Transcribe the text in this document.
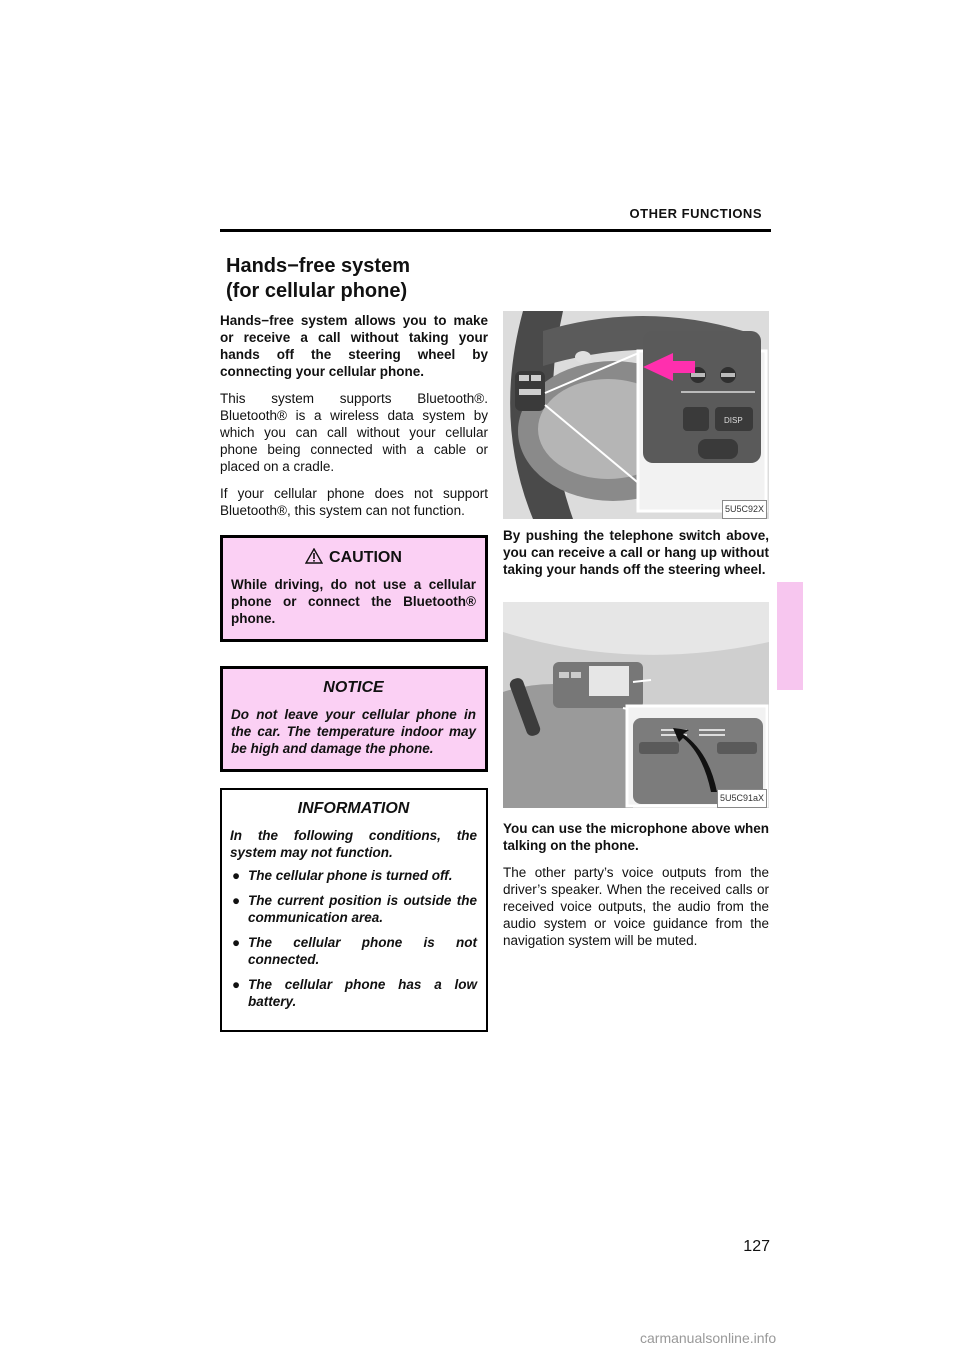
OTHER FUNCTIONS
Hands−free system
(for cellular phone)

Hands−free system allows you to make or receive a call without taking your hands off the steering wheel by connecting your cellular phone.

This system supports Bluetooth®. Bluetooth® is a wireless data system by which you can call without your cellular phone being connected with a cable or placed on a cradle.

If your cellular phone does not support Bluetooth®, this system can not function.

CAUTION
While driving, do not use a cellular phone or connect the Bluetooth® phone.
NOTICE
Do not leave your cellular phone in the car. The temperature indoor may be high and damage the phone.
INFORMATION
In the following conditions, the system may not function.
● The cellular phone is turned off.
● The current position is outside the communication area.
● The cellular phone is not connected.
● The cellular phone has a low battery.
DISP
5U5C92X

By pushing the telephone switch above, you can receive a call or hang up without taking your hands off the steering wheel.

5U5C91aX

You can use the microphone above when talking on the phone.

The other party’s voice outputs from the driver’s speaker. When the received calls or received voice outputs, the audio from the audio system or voice guidance from the navigation system will be muted.

127
carmanualsonline.info
